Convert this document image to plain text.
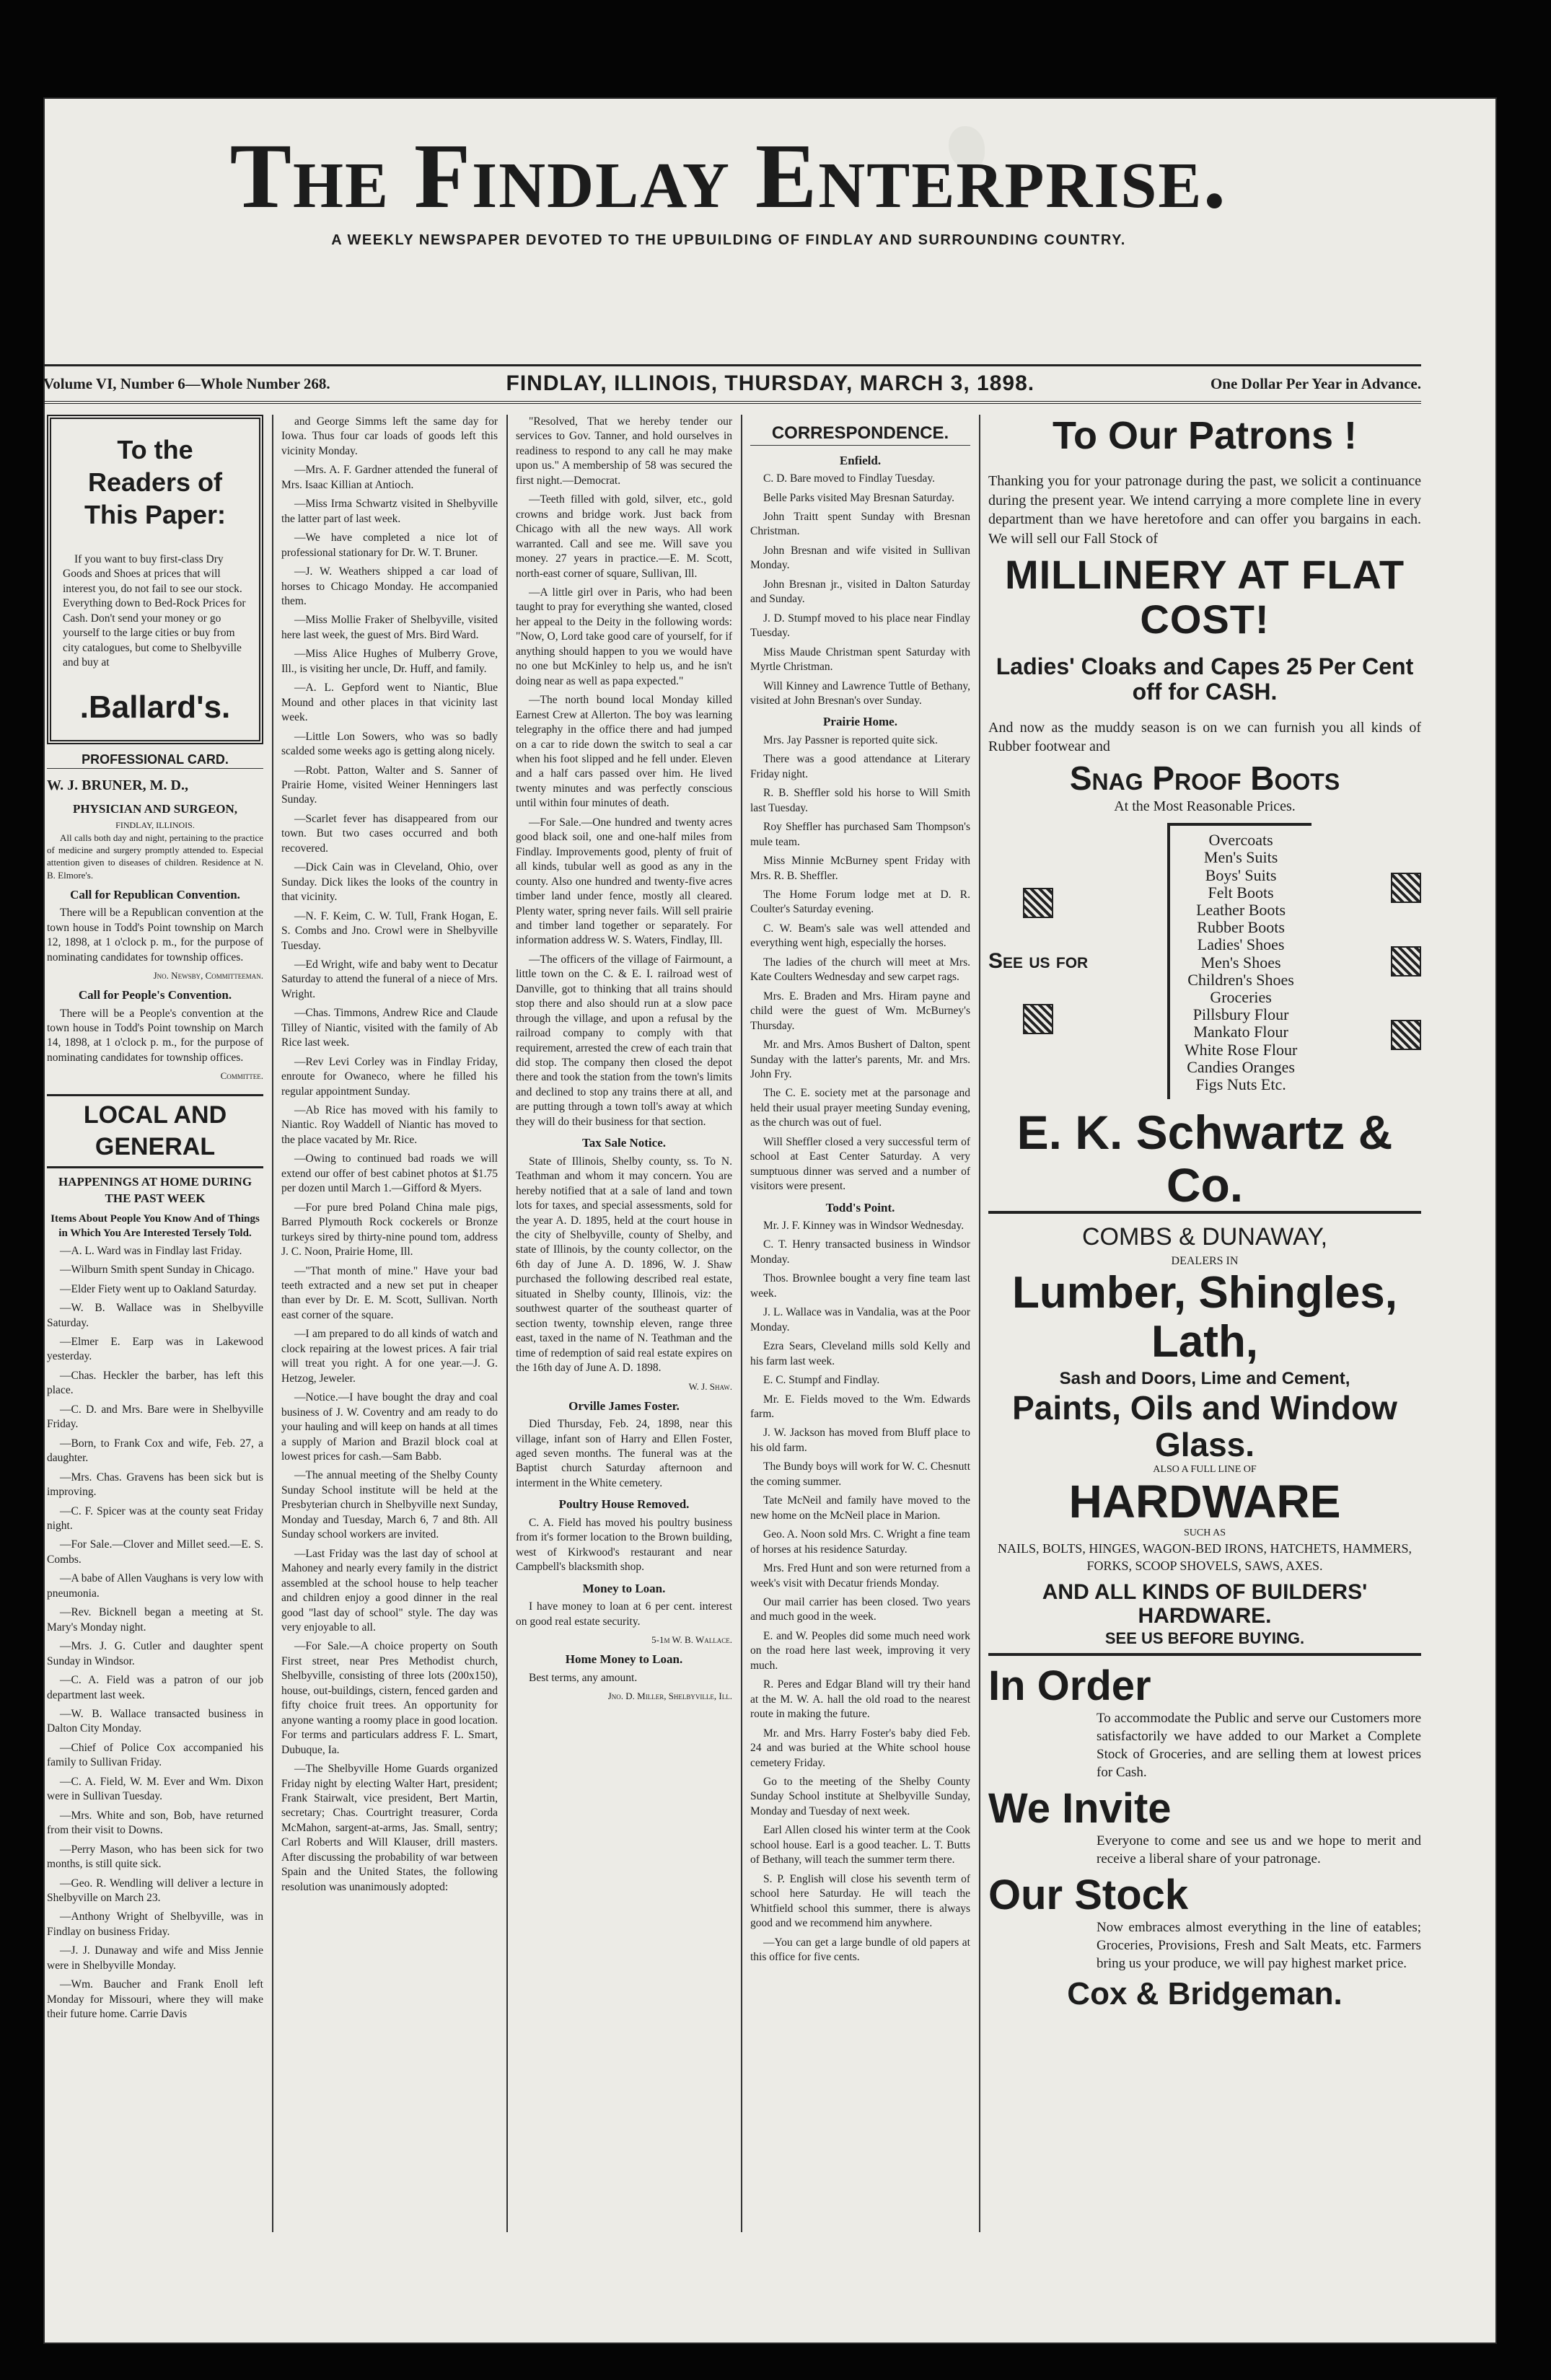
The Findlay Enterprise.
A WEEKLY NEWSPAPER DEVOTED TO THE UPBUILDING OF FINDLAY AND SURROUNDING COUNTRY.
Volume VI, Number 6—Whole Number 268.	FINDLAY, ILLINOIS, THURSDAY, MARCH 3, 1898.	One Dollar Per Year in Advance.
To the Readers of This Paper:

If you want to buy first-class Dry Goods and Shoes at prices that will interest you, do not fail to see our stock. Everything down to Bed-Rock Prices for Cash. Don't send your money or go yourself to the large cities or buy from city catalogues, but come to Shelbyville and buy at

.Ballard's.
PROFESSIONAL CARD.
W. J. BRUNER, M. D.,
PHYSICIAN AND SURGEON,
FINDLAY, ILLINOIS.

All calls both day and night, pertaining to the practice of medicine and surgery promptly attended to. Especial attention given to diseases of children. Residence at N. B. Elmore's.

Call for Republican Convention.

There will be a Republican convention at the town house in Todd's Point township on March 12, 1898, at 1 o'clock p. m., for the purpose of nominating candidates for township offices.

Jno. Newsby, Committeeman.

Call for People's Convention.

There will be a People's convention at the town house in Todd's Point township on March 14, 1898, at 1 o'clock p. m., for the purpose of nominating candidates for township offices.

Committee.

LOCAL AND GENERAL
HAPPENINGS AT HOME DURING THE PAST WEEK
Items About People You Know And of Things in Which You Are Interested Tersely Told.

—A. L. Ward was in Findlay last Friday.

—Wilburn Smith spent Sunday in Chicago.

—Elder Fiety went up to Oakland Saturday.

—W. B. Wallace was in Shelbyville Saturday.

—Elmer E. Earp was in Lakewood yesterday.

—Chas. Heckler the barber, has left this place.

—C. D. and Mrs. Bare were in Shelbyville Friday.

—Born, to Frank Cox and wife, Feb. 27, a daughter.

—Mrs. Chas. Gravens has been sick but is improving.

—C. F. Spicer was at the county seat Friday night.

—For Sale.—Clover and Millet seed.—E. S. Combs.

—A babe of Allen Vaughans is very low with pneumonia.

—Rev. Bicknell began a meeting at St. Mary's Monday night.

—Mrs. J. G. Cutler and daughter spent Sunday in Windsor.

—C. A. Field was a patron of our job department last week.

—W. B. Wallace transacted business in Dalton City Monday.

—Chief of Police Cox accompanied his family to Sullivan Friday.

—C. A. Field, W. M. Ever and Wm. Dixon were in Sullivan Tuesday.

—Mrs. White and son, Bob, have returned from their visit to Downs.

—Perry Mason, who has been sick for two months, is still quite sick.

—Geo. R. Wendling will deliver a lecture in Shelbyville on March 23.

—Anthony Wright of Shelbyville, was in Findlay on business Friday.

—J. J. Dunaway and wife and Miss Jennie were in Shelbyville Monday.

—Wm. Baucher and Frank Enoll left Monday for Missouri, where they will make their future home. Carrie Davis

and George Simms left the same day for Iowa. Thus four car loads of goods left this vicinity Monday.

—Mrs. A. F. Gardner attended the funeral of Mrs. Isaac Killian at Antioch.

—Miss Irma Schwartz visited in Shelbyville the latter part of last week.

—We have completed a nice lot of professional stationary for Dr. W. T. Bruner.

—J. W. Weathers shipped a car load of horses to Chicago Monday. He accompanied them.

—Miss Mollie Fraker of Shelbyville, visited here last week, the guest of Mrs. Bird Ward.

—Miss Alice Hughes of Mulberry Grove, Ill., is visiting her uncle, Dr. Huff, and family.

—A. L. Gepford went to Niantic, Blue Mound and other places in that vicinity last week.

—Little Lon Sowers, who was so badly scalded some weeks ago is getting along nicely.

—Robt. Patton, Walter and S. Sanner of Prairie Home, visited Weiner Henningers last Sunday.

—Scarlet fever has disappeared from our town. But two cases occurred and both recovered.

—Dick Cain was in Cleveland, Ohio, over Sunday. Dick likes the looks of the country in that vicinity.

—N. F. Keim, C. W. Tull, Frank Hogan, E. S. Combs and Jno. Crowl were in Shelbyville Tuesday.

—Ed Wright, wife and baby went to Decatur Saturday to attend the funeral of a niece of Mrs. Wright.

—Chas. Timmons, Andrew Rice and Claude Tilley of Niantic, visited with the family of Ab Rice last week.

—Rev Levi Corley was in Findlay Friday, enroute for Owaneco, where he filled his regular appointment Sunday.

—Ab Rice has moved with his family to Niantic. Roy Waddell of Niantic has moved to the place vacated by Mr. Rice.

—Owing to continued bad roads we will extend our offer of best cabinet photos at $1.75 per dozen until March 1.—Gifford & Myers.

—For pure bred Poland China male pigs, Barred Plymouth Rock cockerels or Bronze turkeys sired by thirty-nine pound tom, address J. C. Noon, Prairie Home, Ill.

—"That month of mine." Have your bad teeth extracted and a new set put in cheaper than ever by Dr. E. M. Scott, Sullivan. North east corner of the square.

—I am prepared to do all kinds of watch and clock repairing at the lowest prices. A fair trial will treat you right. A for one year.—J. G. Hetzog, Jeweler.

—Notice.—I have bought the dray and coal business of J. W. Coventry and am ready to do your hauling and will keep on hands at all times a supply of Marion and Brazil block coal at lowest prices for cash.—Sam Babb.

—The annual meeting of the Shelby County Sunday School institute will be held at the Presbyterian church in Shelbyville next Sunday, Monday and Tuesday, March 6, 7 and 8th. All Sunday school workers are invited.

—Last Friday was the last day of school at Mahoney and nearly every family in the district assembled at the school house to help teacher and children enjoy a good dinner in the real good "last day of school" style. The day was very enjoyable to all.

—For Sale.—A choice property on South First street, near Pres Methodist church, Shelbyville, consisting of three lots (200x150), house, out-buildings, cistern, fenced garden and fifty choice fruit trees. An opportunity for anyone wanting a roomy place in good location. For terms and particulars address F. L. Smart, Dubuque, Ia.

—The Shelbyville Home Guards organized Friday night by electing Walter Hart, president; Frank Stairwalt, vice president, Bert Martin, secretary; Chas. Courtright treasurer, Corda McMahon, sargent-at-arms, Jas. Small, sentry; Carl Roberts and Will Klauser, drill masters. After discussing the probability of war between Spain and the United States, the following resolution was unanimously adopted:

"Resolved, That we hereby tender our services to Gov. Tanner, and hold ourselves in readiness to respond to any call he may make upon us." A membership of 58 was secured the first night.—Democrat.

—Teeth filled with gold, silver, etc., gold crowns and bridge work. Just back from Chicago with all the new ways. All work warranted. Call and see me. Will save you money. 27 years in practice.—E. M. Scott, north-east corner of square, Sullivan, Ill.

—A little girl over in Paris, who had been taught to pray for everything she wanted, closed her appeal to the Deity in the following words: "Now, O, Lord take good care of yourself, for if anything should happen to you we would have no one but McKinley to help us, and he isn't doing near as well as papa expected."

—The north bound local Monday killed Earnest Crew at Allerton. The boy was learning telegraphy in the office there and had jumped on a car to ride down the switch to seal a car when his foot slipped and he fell under. Eleven and a half cars passed over him. He lived twenty minutes and was perfectly conscious until within four minutes of death.

—For Sale.—One hundred and twenty acres good black soil, one and one-half miles from Findlay. Improvements good, plenty of fruit of all kinds, tubular well as good as any in the county. Also one hundred and twenty-five acres timber land under fence, mostly all cleared. Plenty water, spring never fails. Will sell prairie and timber land together or separately. For information address W. S. Waters, Findlay, Ill.

—The officers of the village of Fairmount, a little town on the C. & E. I. railroad west of Danville, got to thinking that all trains should stop there and also should run at a slow pace through the village, and upon a refusal by the railroad company to comply with that requirement, arrested the crew of each train that did stop. The company then closed the depot there and took the station from the town's limits and declined to stop any trains there at all, and are putting through a town toll's away at which they will do their business for that section.

Tax Sale Notice.

State of Illinois, Shelby county, ss. To N. Teathman and whom it may concern. You are hereby notified that at a sale of land and town lots for taxes, and special assessments, sold for the year A. D. 1895, held at the court house in the city of Shelbyville, county of Shelby, and state of Illinois, by the county collector, on the 6th day of June A. D. 1896, W. J. Shaw purchased the following described real estate, situated in Shelby county, Illinois, viz: the southwest quarter of the southeast quarter of section twenty, township eleven, range three east, taxed in the name of N. Teathman and the time of redemption of said real estate expires on the 16th day of June A. D. 1898.

W. J. Shaw.

Orville James Foster.

Died Thursday, Feb. 24, 1898, near this village, infant son of Harry and Ellen Foster, aged seven months. The funeral was at the Baptist church Saturday afternoon and interment in the White cemetery.

Poultry House Removed.

C. A. Field has moved his poultry business from it's former location to the Brown building, west of Kirkwood's restaurant and near Campbell's blacksmith shop.

Money to Loan.

I have money to loan at 6 per cent. interest on good real estate security.

5-1m W. B. Wallace.

Home Money to Loan.

Best terms, any amount.

Jno. D. Miller, Shelbyville, Ill.

CORRESPONDENCE.
Enfield.

C. D. Bare moved to Findlay Tuesday.

Belle Parks visited May Bresnan Saturday.

John Traitt spent Sunday with Bresnan Christman.

John Bresnan and wife visited in Sullivan Monday.

John Bresnan jr., visited in Dalton Saturday and Sunday.

J. D. Stumpf moved to his place near Findlay Tuesday.

Miss Maude Christman spent Saturday with Myrtle Christman.

Will Kinney and Lawrence Tuttle of Bethany, visited at John Bresnan's over Sunday.

Prairie Home.

Mrs. Jay Passner is reported quite sick.

There was a good attendance at Literary Friday night.

R. B. Sheffler sold his horse to Will Smith last Tuesday.

Roy Sheffler has purchased Sam Thompson's mule team.

Miss Minnie McBurney spent Friday with Mrs. R. B. Sheffler.

The Home Forum lodge met at D. R. Coulter's Saturday evening.

C. W. Beam's sale was well attended and everything went high, especially the horses.

The ladies of the church will meet at Mrs. Kate Coulters Wednesday and sew carpet rags.

Mrs. E. Braden and Mrs. Hiram payne and child were the guest of Wm. McBurney's Thursday.

Mr. and Mrs. Amos Bushert of Dalton, spent Sunday with the latter's parents, Mr. and Mrs. John Fry.

The C. E. society met at the parsonage and held their usual prayer meeting Sunday evening, as the church was out of fuel.

Will Sheffler closed a very successful term of school at East Center Saturday. A very sumptuous dinner was served and a number of visitors were present.

Todd's Point.

Mr. J. F. Kinney was in Windsor Wednesday.

C. T. Henry transacted business in Windsor Monday.

Thos. Brownlee bought a very fine team last week.

J. L. Wallace was in Vandalia, was at the Poor Monday.

Ezra Sears, Cleveland mills sold Kelly and his farm last week.

E. C. Stumpf and Findlay.

Mr. E. Fields moved to the Wm. Edwards farm.

J. W. Jackson has moved from Bluff place to his old farm.

The Bundy boys will work for W. C. Chesnutt the coming summer.

Tate McNeil and family have moved to the new home on the McNeil place in Marion.

Geo. A. Noon sold Mrs. C. Wright a fine team of horses at his residence Saturday.

Mrs. Fred Hunt and son were returned from a week's visit with Decatur friends Monday.

Our mail carrier has been closed. Two years and much good in the week.

E. and W. Peoples did some much need work on the road here last week, improving it very much.

R. Peres and Edgar Bland will try their hand at the M. W. A. hall the old road to the nearest route in making the future.

Mr. and Mrs. Harry Foster's baby died Feb. 24 and was buried at the White school house cemetery Friday.

Go to the meeting of the Shelby County Sunday School institute at Shelbyville Sunday, Monday and Tuesday of next week.

Earl Allen closed his winter term at the Cook school house. Earl is a good teacher. L. T. Butts of Bethany, will teach the summer term there.

S. P. English will close his seventh term of school here Saturday. He will teach the Whitfield school this summer, there is always good and we recommend him anywhere.

—You can get a large bundle of old papers at this office for five cents.

To Our Patrons !

Thanking you for your patronage during the past, we solicit a continuance during the present year. We intend carrying a more complete line in every department than we have heretofore and can offer you bargains in each. We will sell our Fall Stock of

MILLINERY AT FLAT COST!
Ladies' Cloaks and Capes 25 Per Cent off for CASH.

And now as the muddy season is on we can furnish you all kinds of Rubber footwear and

Snag Proof Boots
At the Most Reasonable Prices.
See us for
Overcoats
Men's Suits
Boys' Suits
Felt Boots
Leather Boots
Rubber Boots
Ladies' Shoes
Men's Shoes
Children's Shoes
Groceries
Pillsbury Flour
Mankato Flour
White Rose Flour
Candies Oranges
Figs Nuts Etc.
E. K. Schwartz & Co.
COMBS & DUNAWAY,
DEALERS IN
Lumber, Shingles, Lath,
Sash and Doors, Lime and Cement,
Paints, Oils and Window Glass.
ALSO A FULL LINE OF
HARDWARE
SUCH AS
NAILS, BOLTS, HINGES, WAGON-BED IRONS, HATCHETS, HAMMERS, FORKS, SCOOP SHOVELS, SAWS, AXES.
AND ALL KINDS OF BUILDERS' HARDWARE.
SEE US BEFORE BUYING.
In Order

To accommodate the Public and serve our Customers more satisfactorily we have added to our Market a Complete Stock of Groceries, and are selling them at lowest prices for Cash.

We Invite

Everyone to come and see us and we hope to merit and receive a liberal share of your patronage.

Our Stock

Now embraces almost everything in the line of eatables; Groceries, Provisions, Fresh and Salt Meats, etc. Farmers bring us your produce, we will pay highest market price.

Cox & Bridgeman.
